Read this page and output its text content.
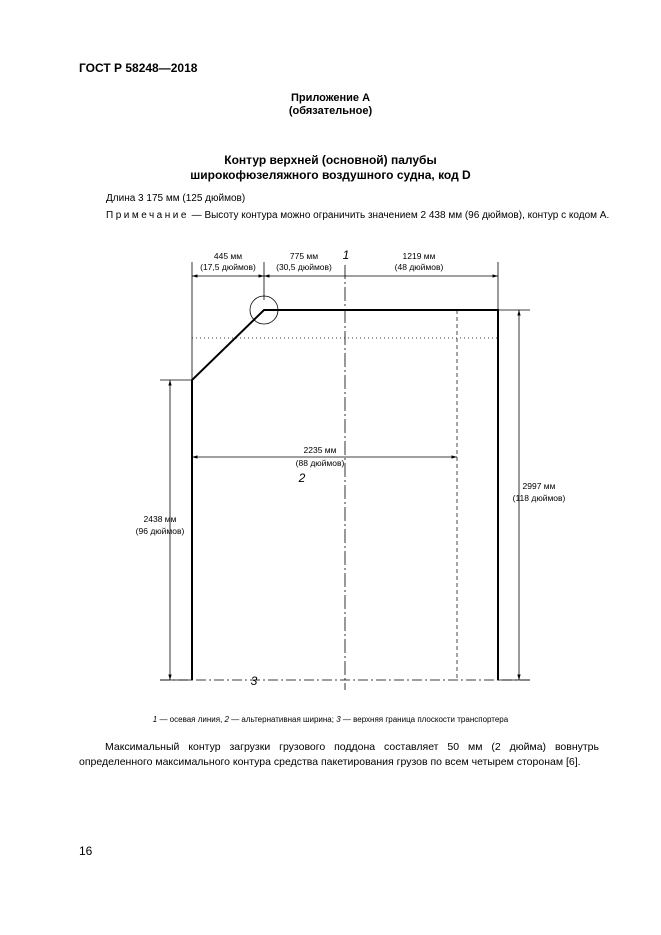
ГОСТ Р 58248—2018
Приложение А
(обязательное)
Контур верхней (основной) палубы
широкофюзеляжного воздушного судна, код D
Длина 3 175 мм (125 дюймов)
Примечание — Высоту контура можно ограничить значением 2 438 мм (96 дюймов), контур с кодом A.
445 мм
(17,5 дюймов)
775 мм
(30,5 дюймов)
1219 мм
(48 дюймов)
2235 мм
(88 дюймов)
2997 мм
(118 дюймов)
2438 мм
(96 дюймов)
1
2
3
1 — осевая линия, 2 — альтернативная ширина; 3 — верхняя граница плоскости транспортера
Максимальный контур загрузки грузового поддона составляет 50 мм (2 дюйма) вовнутрь определенного максимального контура средства пакетирования грузов по всем четырем сторонам [6].
16
